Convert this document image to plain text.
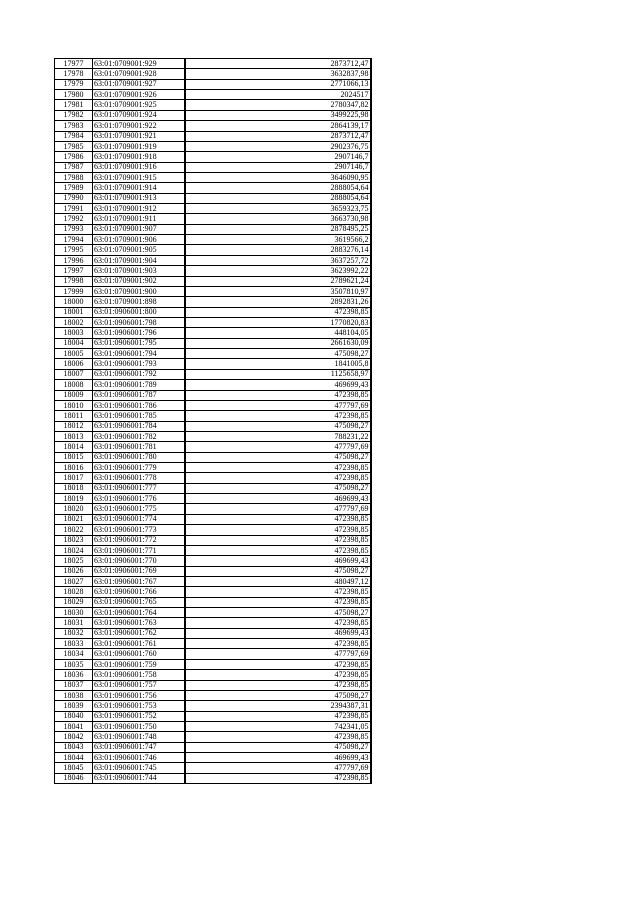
17977	63:01:0709001:929	2873712,47
17978	63:01:0709001:928	3632837,98
17979	63:01:0709001:927	2771066,13
17980	63:01:0709001:926	2024517
17981	63:01:0709001:925	2780347,82
17982	63:01:0709001:924	3499225,98
17983	63:01:0709001:922	2864139,17
17984	63:01:0709001:921	2873712,47
17985	63:01:0709001:919	2902376,75
17986	63:01:0709001:918	2907146,7
17987	63:01:0709001:916	2907146,7
17988	63:01:0709001:915	3646090,95
17989	63:01:0709001:914	2888054,64
17990	63:01:0709001:913	2888054,64
17991	63:01:0709001:912	3659323,75
17992	63:01:0709001:911	3663730,98
17993	63:01:0709001:907	2878495,25
17994	63:01:0709001:906	3619566,2
17995	63:01:0709001:905	2883276,14
17996	63:01:0709001:904	3637257,72
17997	63:01:0709001:903	3623992,22
17998	63:01:0709001:902	2789621,24
17999	63:01:0709001:900	3507810,97
18000	63:01:0709001:898	2892831,26
18001	63:01:0906001:800	472398,85
18002	63:01:0906001:798	1770820,83
18003	63:01:0906001:796	448104,05
18004	63:01:0906001:795	2661630,09
18005	63:01:0906001:794	475098,27
18006	63:01:0906001:793	1841005,8
18007	63:01:0906001:792	1125658,97
18008	63:01:0906001:789	469699,43
18009	63:01:0906001:787	472398,85
18010	63:01:0906001:786	477797,69
18011	63:01:0906001:785	472398,85
18012	63:01:0906001:784	475098,27
18013	63:01:0906001:782	788231,22
18014	63:01:0906001:781	477797,69
18015	63:01:0906001:780	475098,27
18016	63:01:0906001:779	472398,85
18017	63:01:0906001:778	472398,85
18018	63:01:0906001:777	475098,27
18019	63:01:0906001:776	469699,43
18020	63:01:0906001:775	477797,69
18021	63:01:0906001:774	472398,85
18022	63:01:0906001:773	472398,85
18023	63:01:0906001:772	472398,85
18024	63:01:0906001:771	472398,85
18025	63:01:0906001:770	469699,43
18026	63:01:0906001:769	475098,27
18027	63:01:0906001:767	480497,12
18028	63:01:0906001:766	472398,85
18029	63:01:0906001:765	472398,85
18030	63:01:0906001:764	475098,27
18031	63:01:0906001:763	472398,85
18032	63:01:0906001:762	469699,43
18033	63:01:0906001:761	472398,85
18034	63:01:0906001:760	477797,69
18035	63:01:0906001:759	472398,85
18036	63:01:0906001:758	472398,85
18037	63:01:0906001:757	472398,85
18038	63:01:0906001:756	475098,27
18039	63:01:0906001:753	2394387,31
18040	63:01:0906001:752	472398,85
18041	63:01:0906001:750	742341,05
18042	63:01:0906001:748	472398,85
18043	63:01:0906001:747	475098,27
18044	63:01:0906001:746	469699,43
18045	63:01:0906001:745	477797,69
18046	63:01:0906001:744	472398,85
